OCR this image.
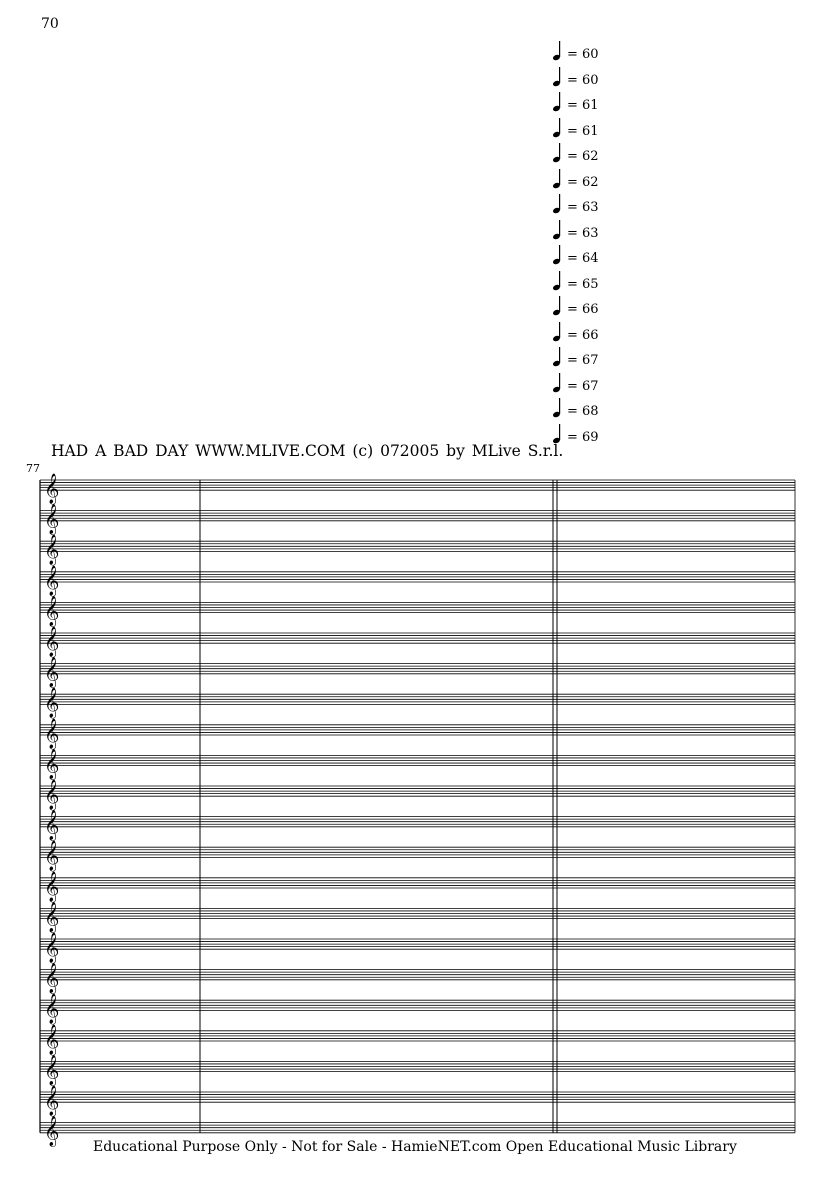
70
= 60
= 60
= 61
= 61
= 62
= 62
= 63
= 63
= 64
= 65
= 66
= 66
= 67
= 67
= 68
= 69
HAD A BAD DAY WWW.MLIVE.COM (c) 072005 by MLive S.r.l.
77
𝄞
𝄞
𝄞
𝄞
𝄞
𝄞
𝄞
𝄞
𝄞
𝄞
𝄞
𝄞
𝄞
𝄞
𝄞
𝄞
𝄞
𝄞
𝄞
𝄞
𝄞
𝄞
Educational Purpose Only - Not for Sale - HamieNET.com Open Educational Music Library
